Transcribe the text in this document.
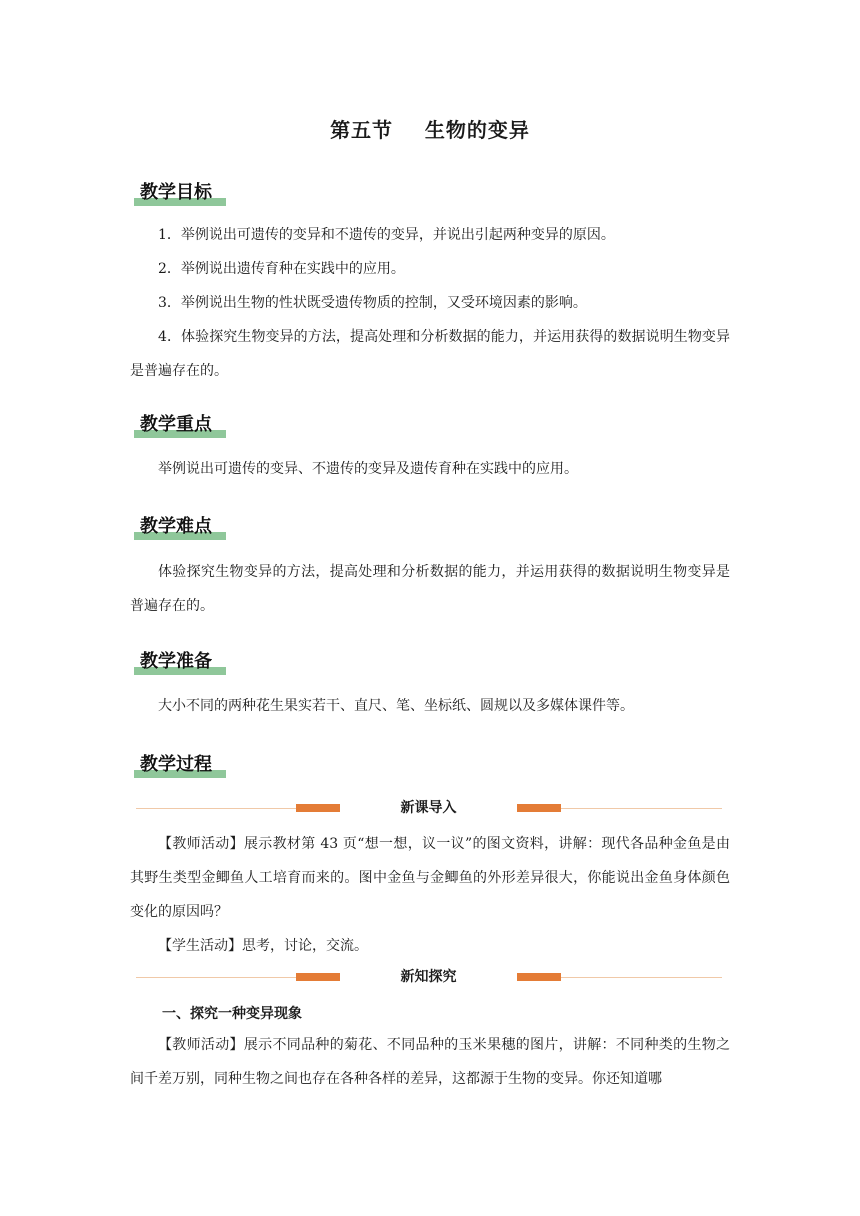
第五节    生物的变异
教学目标

1．举例说出可遗传的变异和不遗传的变异，并说出引起两种变异的原因。

2．举例说出遗传育种在实践中的应用。

3．举例说出生物的性状既受遗传物质的控制，又受环境因素的影响。

4．体验探究生物变异的方法，提高处理和分析数据的能力，并运用获得的数据说明生物变异是普遍存在的。

教学重点

举例说出可遗传的变异、不遗传的变异及遗传育种在实践中的应用。

教学难点

体验探究生物变异的方法，提高处理和分析数据的能力，并运用获得的数据说明生物变异是普遍存在的。

教学准备

大小不同的两种花生果实若干、直尺、笔、坐标纸、圆规以及多媒体课件等。

教学过程
新课导入

【教师活动】展示教材第 43 页“想一想，议一议”的图文资料，讲解：现代各品种金鱼是由其野生类型金鲫鱼人工培育而来的。图中金鱼与金鲫鱼的外形差异很大，你能说出金鱼身体颜色变化的原因吗？

【学生活动】思考，讨论，交流。

新知探究
一、探究一种变异现象

【教师活动】展示不同品种的菊花、不同品种的玉米果穗的图片，讲解：不同种类的生物之间千差万别，同种生物之间也存在各种各样的差异，这都源于生物的变异。你还知道哪
